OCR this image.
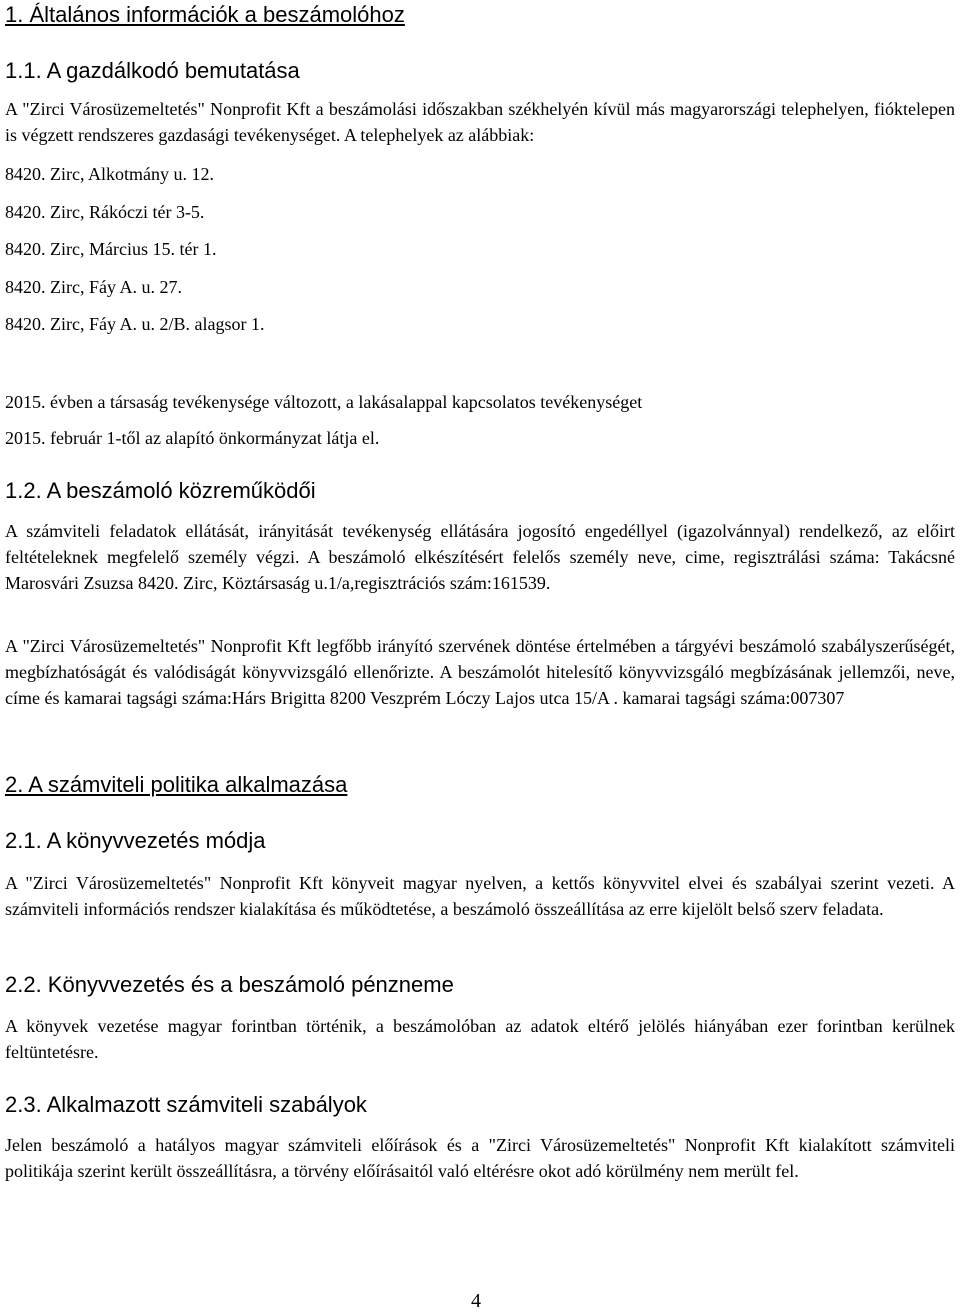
1. Általános információk a beszámolóhoz
1.1. A gazdálkodó bemutatása

A "Zirci Városüzemeltetés" Nonprofit Kft a beszámolási időszakban székhelyén kívül más magyarországi telephelyen, fióktelepen is végzett rendszeres gazdasági tevékenységet. A telephelyek az alábbiak:

8420. Zirc, Alkotmány u. 12.
8420. Zirc, Rákóczi tér 3-5.
8420. Zirc, Március 15. tér 1.
8420. Zirc, Fáy A. u. 27.
8420. Zirc, Fáy A. u. 2/B. alagsor 1.
2015. évben a társaság tevékenysége változott, a lakásalappal kapcsolatos tevékenységet
2015. február 1-től az alapító önkormányzat látja el.
1.2. A beszámoló közreműködői

A számviteli feladatok ellátását, irányitását tevékenység ellátására jogosító engedéllyel (igazolvánnyal) rendelkező, az előirt feltételeknek megfelelő személy végzi. A beszámoló elkészítésért felelős személy neve, cime, regisztrálási száma: Takácsné Marosvári Zsuzsa 8420. Zirc, Köztársaság u.1/a,regisztrációs szám:161539.

A "Zirci Városüzemeltetés" Nonprofit Kft legfőbb irányító szervének döntése értelmében a tárgyévi beszámoló szabályszerűségét, megbízhatóságát és valódiságát könyvvizsgáló ellenőrizte. A beszámolót hitelesítő könyvvizsgáló megbízásának jellemzői, neve, címe és kamarai tagsági száma:Hárs Brigitta 8200 Veszprém Lóczy Lajos utca 15/A . kamarai tagsági száma:007307

2. A számviteli politika alkalmazása
2.1. A könyvvezetés módja

A "Zirci Városüzemeltetés" Nonprofit Kft könyveit magyar nyelven, a kettős könyvvitel elvei és szabályai szerint vezeti. A számviteli információs rendszer kialakítása és működtetése, a beszámoló összeállítása az erre kijelölt belső szerv feladata.

2.2. Könyvvezetés és a beszámoló pénzneme

A könyvek vezetése magyar forintban történik, a beszámolóban az adatok eltérő jelölés hiányában ezer forintban kerülnek feltüntetésre.

2.3. Alkalmazott számviteli szabályok

Jelen beszámoló a hatályos magyar számviteli előírások és a "Zirci Városüzemeltetés" Nonprofit Kft kialakított számviteli politikája szerint került összeállításra, a törvény előírásaitól való eltérésre okot adó körülmény nem merült fel.

4
